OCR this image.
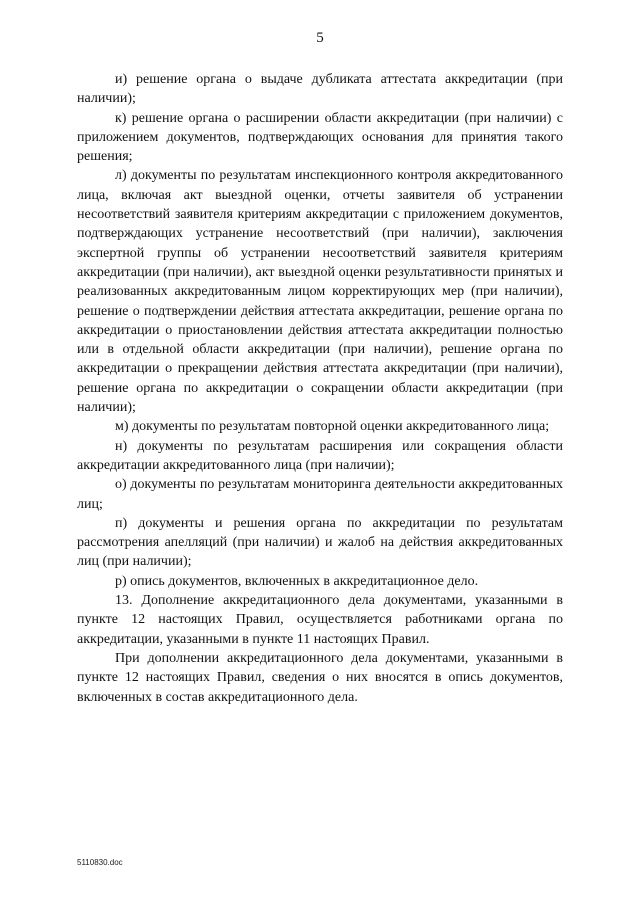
5

и) решение органа о выдаче дубликата аттестата аккредитации (при наличии);

к) решение органа о расширении области аккредитации (при наличии) с приложением документов, подтверждающих основания для принятия такого решения;

л) документы по результатам инспекционного контроля аккредитованного лица, включая акт выездной оценки, отчеты заявителя об устранении несоответствий заявителя критериям аккредитации с приложением документов, подтверждающих устранение несоответствий (при наличии), заключения экспертной группы об устранении несоответствий заявителя критериям аккредитации (при наличии), акт выездной оценки результативности принятых и реализованных аккредитованным лицом корректирующих мер (при наличии), решение о подтверждении действия аттестата аккредитации, решение органа по аккредитации о приостановлении действия аттестата аккредитации полностью или в отдельной области аккредитации (при наличии), решение органа по аккредитации о прекращении действия аттестата аккредитации (при наличии), решение органа по аккредитации о сокращении области аккредитации (при наличии);

м) документы по результатам повторной оценки аккредитованного лица;

н) документы по результатам расширения или сокращения области аккредитации аккредитованного лица (при наличии);

о) документы по результатам мониторинга деятельности аккредитованных лиц;

п) документы и решения органа по аккредитации по результатам рассмотрения апелляций (при наличии) и жалоб на действия аккредитованных лиц (при наличии);

р) опись документов, включенных в аккредитационное дело.

13. Дополнение аккредитационного дела документами, указанными в пункте 12 настоящих Правил, осуществляется работниками органа по аккредитации, указанными в пункте 11 настоящих Правил.

При дополнении аккредитационного дела документами, указанными в пункте 12 настоящих Правил, сведения о них вносятся в опись документов, включенных в состав аккредитационного дела.

5110830.doc
